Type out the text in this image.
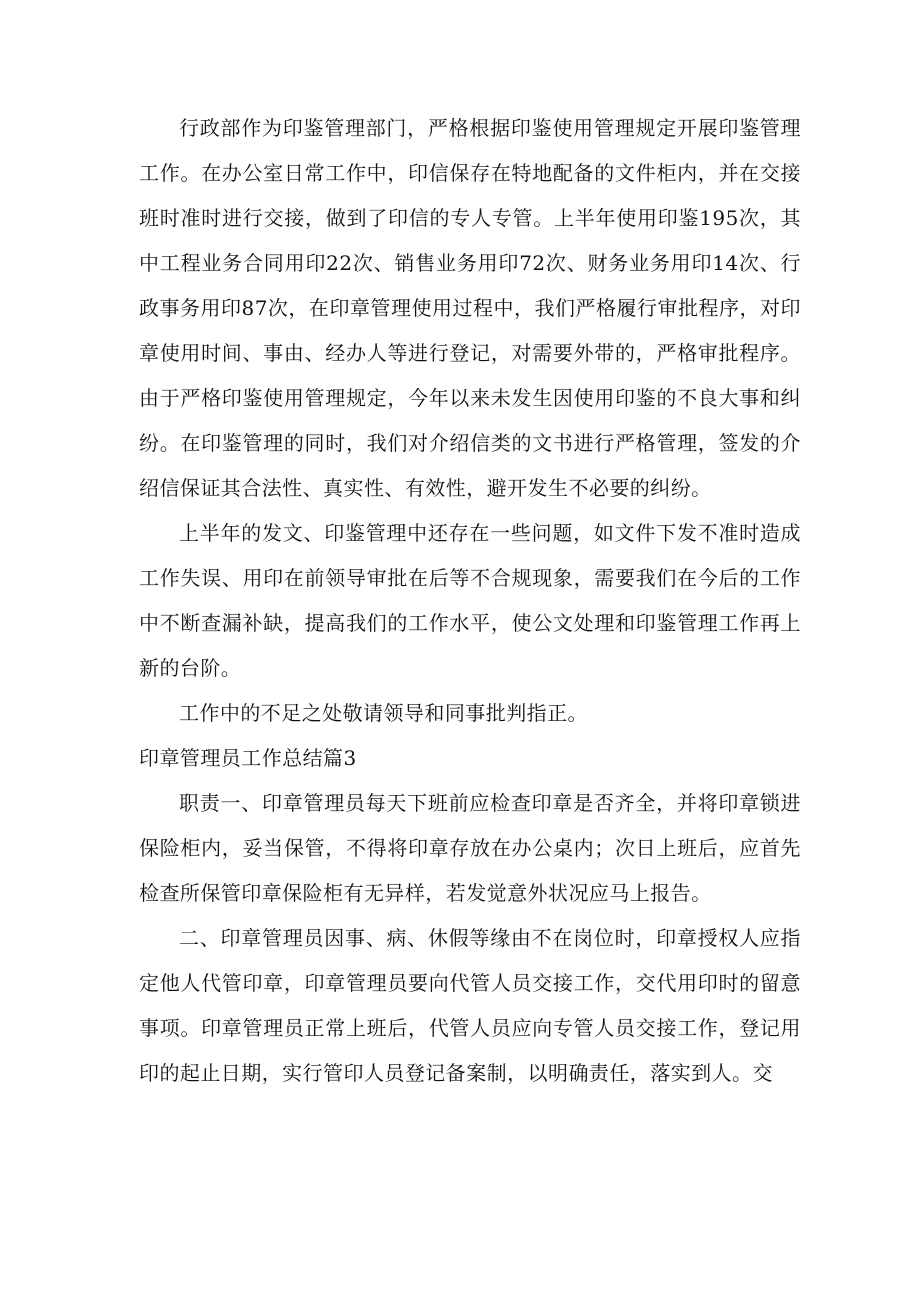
行政部作为印鉴管理部门，严格根据印鉴使用管理规定开展印鉴管理工作。在办公室日常工作中，印信保存在特地配备的文件柜内，并在交接班时准时进行交接，做到了印信的专人专管。上半年使用印鉴195次，其中工程业务合同用印22次、销售业务用印72次、财务业务用印14次、行政事务用印87次，在印章管理使用过程中，我们严格履行审批程序，对印章使用时间、事由、经办人等进行登记，对需要外带的，严格审批程序。由于严格印鉴使用管理规定，今年以来未发生因使用印鉴的不良大事和纠纷。在印鉴管理的同时，我们对介绍信类的文书进行严格管理，签发的介绍信保证其合法性、真实性、有效性，避开发生不必要的纠纷。

上半年的发文、印鉴管理中还存在一些问题，如文件下发不准时造成工作失误、用印在前领导审批在后等不合规现象，需要我们在今后的工作中不断查漏补缺，提高我们的工作水平，使公文处理和印鉴管理工作再上新的台阶。

工作中的不足之处敬请领导和同事批判指正。

印章管理员工作总结篇3

职责一、印章管理员每天下班前应检查印章是否齐全，并将印章锁进保险柜内，妥当保管，不得将印章存放在办公桌内；次日上班后，应首先检查所保管印章保险柜有无异样，若发觉意外状况应马上报告。

二、印章管理员因事、病、休假等缘由不在岗位时，印章授权人应指定他人代管印章，印章管理员要向代管人员交接工作，交代用印时的留意事项。印章管理员正常上班后，代管人员应向专管人员交接工作，登记用印的起止日期，实行管印人员登记备案制，以明确责任，落实到人。交
